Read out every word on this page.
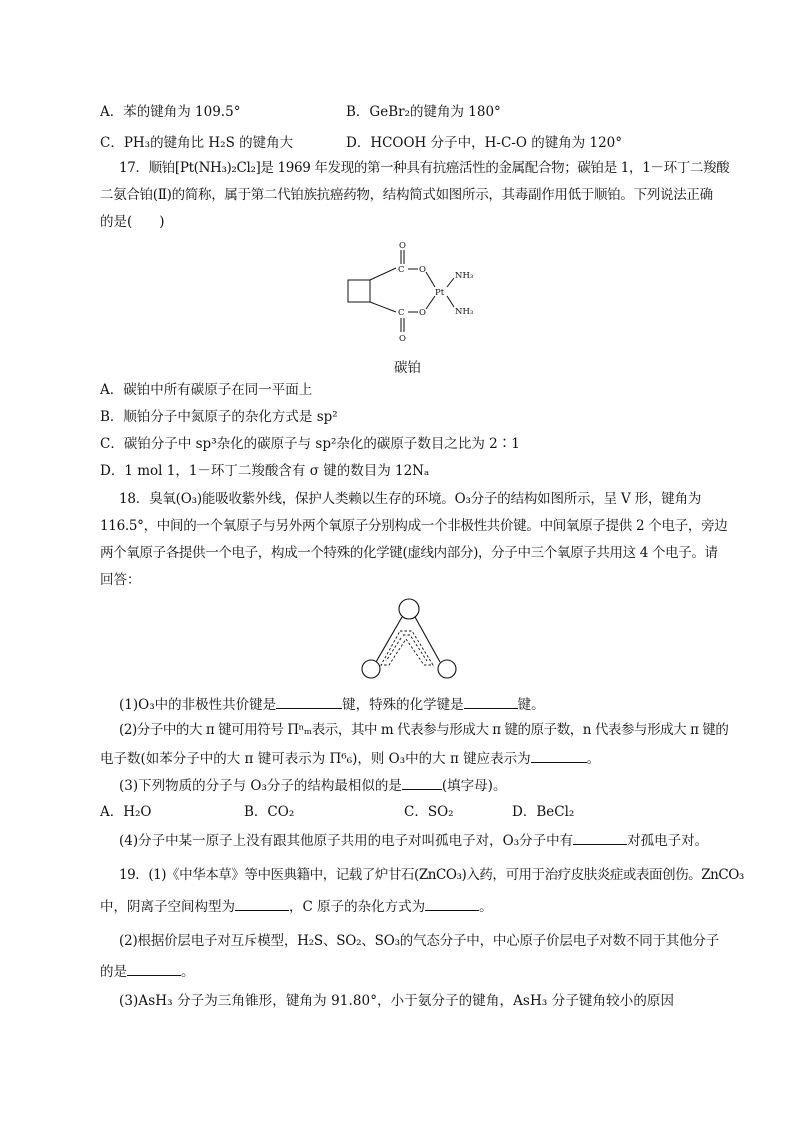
A．苯的键角为 109.5°	B．GeBr₂的键角为 180°
C．PH₃的键角比 H₂S 的键角大	D．HCOOH 分子中，H-C-O 的键角为 120°
17．顺铂[Pt(NH₃)₂Cl₂]是 1969 年发现的第一种具有抗癌活性的金属配合物；碳铂是 1，1－环丁二羧酸
二氨合铂(Ⅱ)的简称，属于第二代铂族抗癌药物，结构简式如图所示，其毒副作用低于顺铂。下列说法正确
的是(　　)
O
C O
Pt
NH₃
C O	NH₃
O
碳铂
A．碳铂中所有碳原子在同一平面上
B．顺铂分子中氮原子的杂化方式是 sp²
C．碳铂分子中 sp³杂化的碳原子与 sp²杂化的碳原子数目之比为 2∶1
D．1 mol 1，1－环丁二羧酸含有 σ 键的数目为 12Nₐ
18．臭氧(O₃)能吸收紫外线，保护人类赖以生存的环境。O₃分子的结构如图所示，呈 V 形，键角为
116.5°，中间的一个氧原子与另外两个氧原子分别构成一个非极性共价键。中间氧原子提供 2 个电子，旁边
两个氧原子各提供一个电子，构成一个特殊的化学键(虚线内部分)，分子中三个氧原子共用这 4 个电子。请
回答：
(1)O₃中的非极性共价键是	键，特殊的化学键是	键。
(2)分子中的大 π 键可用符号 Πⁿₘ表示，其中 m 代表参与形成大 π 键的原子数，n 代表参与形成大 π 键的
电子数(如苯分子中的大 π 键可表示为 Π⁶₆)，则 O₃中的大 π 键应表示为	。
(3)下列物质的分子与 O₃分子的结构最相似的是	(填字母)。
A．H₂O	B．CO₂	C．SO₂	D．BeCl₂
(4)分子中某一原子上没有跟其他原子共用的电子对叫孤电子对，O₃分子中有	对孤电子对。
19．(1)《中华本草》等中医典籍中，记载了炉甘石(ZnCO₃)入药，可用于治疗皮肤炎症或表面创伤。ZnCO₃
中，阴离子空间构型为	，C 原子的杂化方式为	。
(2)根据价层电子对互斥模型，H₂S、SO₂、SO₃的气态分子中，中心原子价层电子对数不同于其他分子
的是	。
(3)AsH₃ 分子为三角锥形，键角为 91.80°，小于氨分子的键角，AsH₃ 分子键角较小的原因
